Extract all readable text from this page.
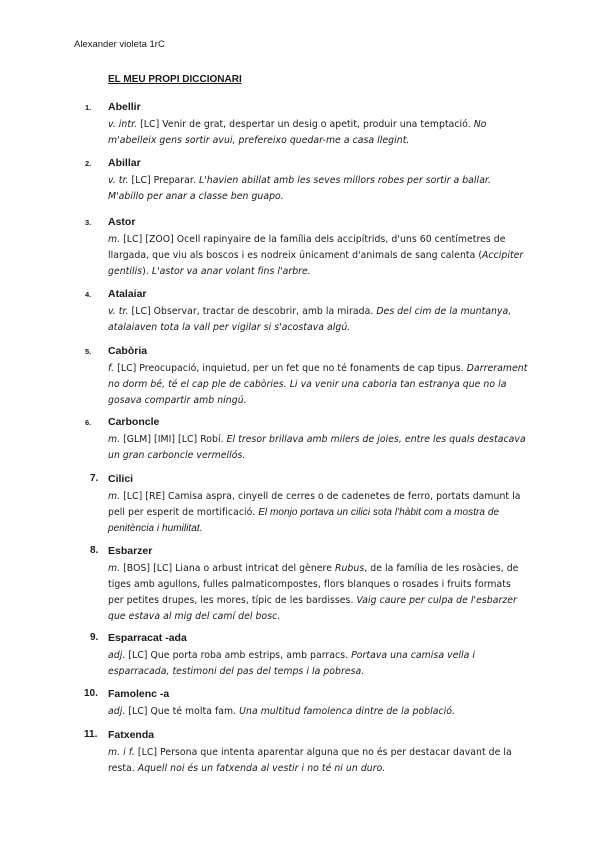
Alexander violeta 1rC
EL MEU PROPI DICCIONARI
1. Abellir
v. intr. [LC] Venir de grat, despertar un desig o apetit, produir una temptació. No m'abelleix gens sortir avui, prefereixo quedar-me a casa llegint.
2. Abillar
v. tr. [LC] Preparar. L'havien abillat amb les seves millors robes per sortir a ballar. M'abillo per anar a classe ben guapo.
3. Astor
m. [LC] [ZOO] Ocell rapinyaire de la família dels accipítrids, d'uns 60 centímetres de llargada, que viu als boscos i es nodreix únicament d'animals de sang calenta (Accipiter gentilis). L'astor va anar volant fins l'arbre.
4. Atalaiar
v. tr. [LC] Observar, tractar de descobrir, amb la mirada. Des del cim de la muntanya, atalaiaven tota la vall per vigilar si s'acostava algú.
5. Cabòria
f. [LC] Preocupació, inquietud, per un fet que no té fonaments de cap tipus. Darrerament no dorm bé, té el cap ple de cabòries. Li va venir una caboria tan estranya que no la gosava compartir amb ningú.
6. Carboncle
m. [GLM] [IMI] [LC] Robí. El tresor brillava amb milers de joies, entre les quals destacava un gran carboncle vermellós.
7. Cilici
m. [LC] [RE] Camisa aspra, cinyell de cerres o de cadenetes de ferro, portats damunt la pell per esperit de mortificació. El monjo portava un cilici sota l'hàbit com a mostra de penitència i humilitat.
8. Esbarzer
m. [BOS] [LC] Liana o arbust intricat del gènere Rubus, de la família de les rosàcies, de tiges amb agullons, fulles palmaticompostes, flors blanques o rosades i fruits formats per petites drupes, les mores, típic de les bardisses. Vaig caure per culpa de l'esbarzer que estava al mig del camí del bosc.
9. Esparracat -ada
adj. [LC] Que porta roba amb estrips, amb parracs. Portava una camisa vella i esparracada, testimoni del pas del temps i la pobresa.
10. Famolenc -a
adj. [LC] Que té molta fam. Una multitud famolenca dintre de la població.
11. Fatxenda
m. i f. [LC] Persona que intenta aparentar alguna que no és per destacar davant de la resta. Aquell noi és un fatxenda al vestir i no té ni un duro.
